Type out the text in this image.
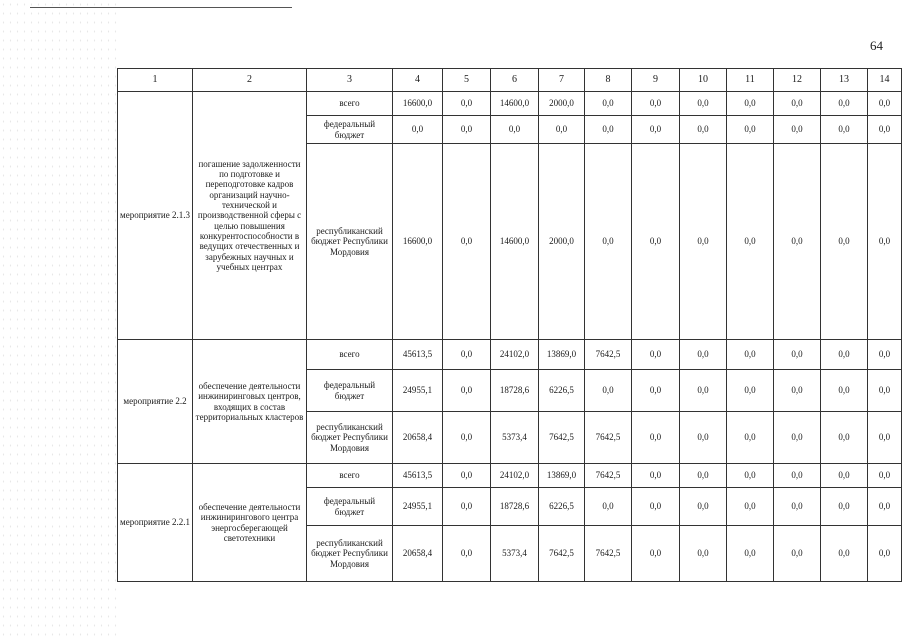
64
1	2	3	4	5	6	7	8	9	10	11	12	13	14
мероприятие 2.1.3	погашение задолженности по подготовке и переподготовке кадров организаций научно-технической и производственной сферы с целью повышения конкурентоспособности в ведущих отечественных и зарубежных научных и учебных центрах	всего	16600,0	0,0	14600,0	2000,0	0,0	0,0	0,0	0,0	0,0	0,0	0,0
		федеральный бюджет	0,0	0,0	0,0	0,0	0,0	0,0	0,0	0,0	0,0	0,0	0,0
		республиканский бюджет Республики Мордовия	16600,0	0,0	14600,0	2000,0	0,0	0,0	0,0	0,0	0,0	0,0	0,0
мероприятие 2.2	обеспечение деятельности инжиниринговых центров, входящих в состав территориальных кластеров	всего	45613,5	0,0	24102,0	13869,0	7642,5	0,0	0,0	0,0	0,0	0,0	0,0
		федеральный бюджет	24955,1	0,0	18728,6	6226,5	0,0	0,0	0,0	0,0	0,0	0,0	0,0
		республиканский бюджет Республики Мордовия	20658,4	0,0	5373,4	7642,5	7642,5	0,0	0,0	0,0	0,0	0,0	0,0
мероприятие 2.2.1	обеспечение деятельности инжинирингового центра энергосберегающей светотехники	всего	45613,5	0,0	24102,0	13869,0	7642,5	0,0	0,0	0,0	0,0	0,0	0,0
		федеральный бюджет	24955,1	0,0	18728,6	6226,5	0,0	0,0	0,0	0,0	0,0	0,0	0,0
		республиканский бюджет Республики Мордовия	20658,4	0,0	5373,4	7642,5	7642,5	0,0	0,0	0,0	0,0	0,0	0,0
